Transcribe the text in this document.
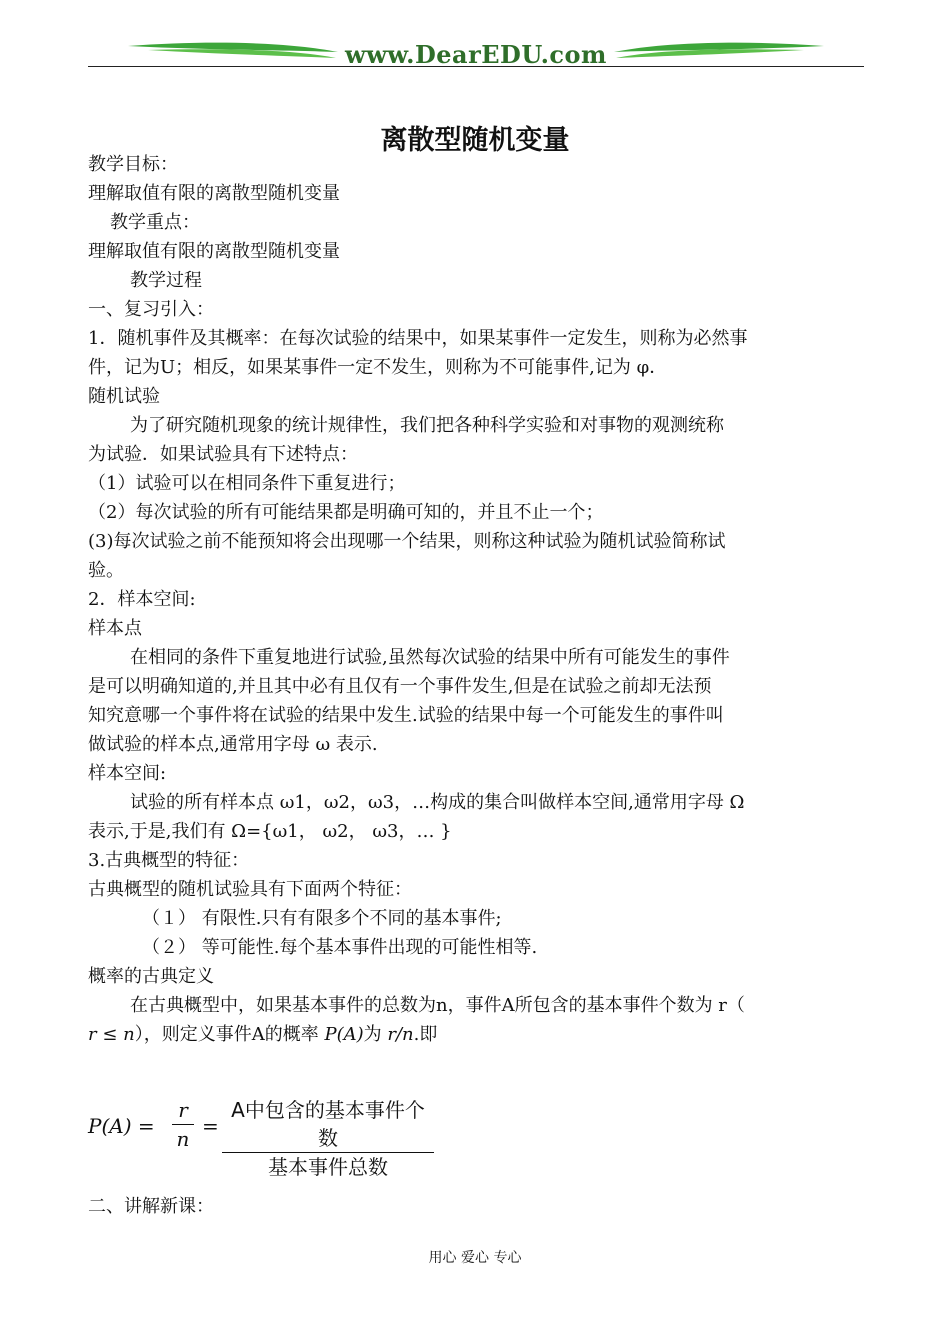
www.DearEDU.com
离散型随机变量

教学目标：

理解取值有限的离散型随机变量

教学重点：

理解取值有限的离散型随机变量

教学过程

一、复习引入：

1．随机事件及其概率：在每次试验的结果中，如果某事件一定发生，则称为必然事

件，记为U；相反，如果某事件一定不发生，则称为不可能事件,记为 φ．

随机试验

为了研究随机现象的统计规律性，我们把各种科学实验和对事物的观测统称

为试验．如果试验具有下述特点：

（1）试验可以在相同条件下重复进行；

（2）每次试验的所有可能结果都是明确可知的，并且不止一个；

(3)每次试验之前不能预知将会出现哪一个结果，则称这种试验为随机试验简称试

验。

2．样本空间:

样本点

在相同的条件下重复地进行试验,虽然每次试验的结果中所有可能发生的事件

是可以明确知道的,并且其中必有且仅有一个事件发生,但是在试验之前却无法预

知究意哪一个事件将在试验的结果中发生.试验的结果中每一个可能发生的事件叫

做试验的样本点,通常用字母 ω 表示.

样本空间:

试验的所有样本点 ω1，ω2，ω3，…构成的集合叫做样本空间,通常用字母 Ω

表示,于是,我们有 Ω={ω1， ω2， ω3，… }

3.古典概型的特征：

古典概型的随机试验具有下面两个特征：

（１） 有限性.只有有限多个不同的基本事件;

（２） 等可能性.每个基本事件出现的可能性相等.

概率的古典定义

在古典概型中，如果基本事件的总数为n，事件A所包含的基本事件个数为 r（

r ≤ n），则定义事件A的概率 P(A)为 r/n.即

P(A) =
r
n
=
A中包含的基本事件个数
基本事件总数
二、讲解新课：
用心 爱心 专心
